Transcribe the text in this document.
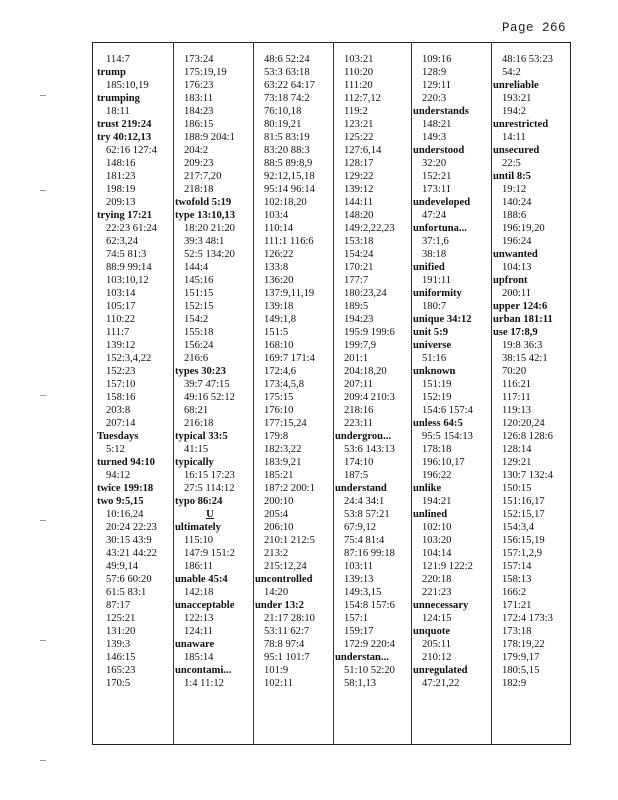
Page 266
114:7
trump
185:10,19
trumping
18:11
trust 219:24
try 40:12,13
62:16 127:4
148:16
181:23
198:19
209:13
trying 17:21
22:23 61:24
62:3,24
74:5 81:3
88:9 99:14
103:10,12
103:14
105:17
110:22
111:7
139:12
152:3,4,22
152:23
157:10
158:16
203:8
207:14
Tuesdays
5:12
turned 94:10
94:12
twice 199:18
two 9:5,15
10:16,24
20:24 22:23
30:15 43:9
43:21 44:22
49:9,14
57:6 60:20
61:5 83:1
87:17
125:21
131:20
139:3
146:15
165:23
170:5
173:24
175:19,19
176:23
183:11
184:23
186:15
188:9 204:1
204:2
209:23
217:7,20
218:18
twofold 5:19
type 13:10,13
18:20 21:20
39:3 48:1
52:5 134:20
144:4
145:16
151:15
152:15
154:2
155:18
156:24
216:6
types 30:23
39:7 47:15
49:16 52:12
68:21
216:18
typical 33:5
41:15
typically
16:15 17:23
27:5 114:12
typo 86:24
U
ultimately
115:10
147:9 151:2
186:11
unable 45:4
142:18
unacceptable
122:13
124:11
unaware
185:14
uncontami...
1:4 11:12
48:6 52:24
53:3 63:18
63:22 64:17
73:18 74:2
76:10,18
80:19,21
81:5 83:19
83:20 88:3
88:5 89:8,9
92:12,15,18
95:14 96:14
102:18,20
103:4
110:14
111:1 116:6
126:22
133:8
136:20
137:9,11,19
139:18
149:1,8
151:5
168:10
169:7 171:4
172:4,6
173:4,5,8
175:15
176:10
177:15,24
179:8
182:3,22
183:9,21
185:21
187:2 200:1
200:10
205:4
206:10
210:1 212:5
213:2
215:12,24
uncontrolled
14:20
under 13:2
21:17 28:10
53:11 62:7
78:8 97:4
95:1 101:7
101:9
102:11
103:21
110:20
111:20
112:7,12
119:2
123:21
125:22
127:6,14
128:17
129:22
139:12
144:11
148:20
149:2,22,23
153:18
154:24
170:21
177:7
180:23,24
189:5
194:23
195:9 199:6
199:7,9
201:1
204:18,20
207:11
209:4 210:3
218:16
223:11
undergrou...
53:6 143:13
174:10
187:5
understand
24:4 34:1
53:8 57:21
67:9,12
75:4 81:4
87:16 99:18
103:11
139:13
149:3,15
154:8 157:6
157:1
159:17
172:9 220:4
understan...
51:10 52:20
58:1,13
109:16
128:9
129:11
220:3
understands
148:21
149:3
understood
32:20
152:21
173:11
undeveloped
47:24
unfortuna...
37:1,6
38:18
unified
191:11
uniformity
180:7
unique 34:12
unit 5:9
universe
51:16
unknown
151:19
152:19
154:6 157:4
unless 64:5
95:5 154:13
178:18
196:10,17
196:22
unlike
194:21
unlined
102:10
103:20
104:14
121:9 122:2
220:18
221:23
unnecessary
124:15
unquote
205:11
210:12
unregulated
47:21,22
48:16 53:23
54:2
unreliable
193:21
194:2
unrestricted
14:11
unsecured
22:5
until 8:5
19:12
140:24
188:6
196:19,20
196:24
unwanted
104:13
upfront
200:11
upper 124:6
urban 181:11
use 17:8,9
19:8 36:3
38:15 42:1
70:20
116:21
117:11
119:13
120:20,24
126:8 128:6
128:14
129:21
130:7 132:4
150:15
151:16,17
152:15,17
154:3,4
156:15,19
157:1,2,9
157:14
158:13
166:2
171:21
172:4 173:3
173:18
178:19,22
179:9,17
180:5,15
182:9
